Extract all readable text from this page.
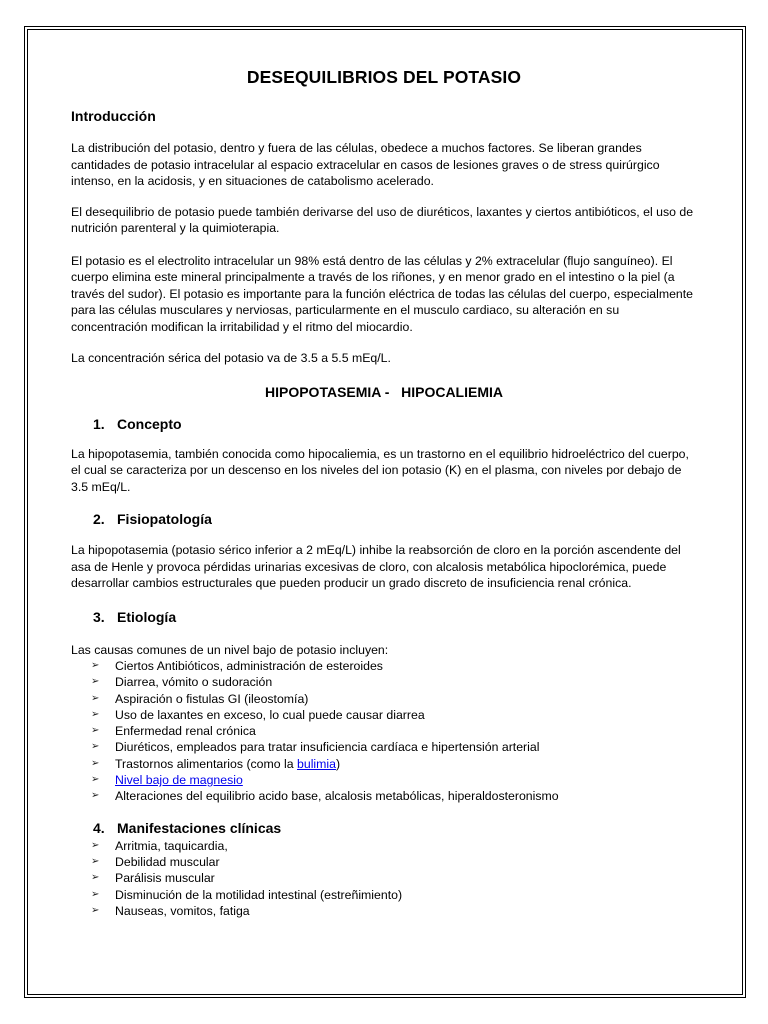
DESEQUILIBRIOS DEL POTASIO
Introducción

La distribución del potasio, dentro y fuera de las células, obedece a muchos factores. Se liberan grandes cantidades de potasio intracelular al espacio extracelular en casos de lesiones graves o de stress quirúrgico intenso, en la acidosis, y en situaciones de catabolismo acelerado.

El desequilibrio de potasio puede también derivarse del uso de diuréticos, laxantes y ciertos antibióticos, el uso de nutrición parenteral y la quimioterapia.

El potasio es el electrolito intracelular un 98% está dentro de las células y 2% extracelular (flujo sanguíneo). El cuerpo elimina este mineral principalmente a través de los riñones, y en menor grado en el intestino o la piel (a través del sudor). El potasio es importante para la función eléctrica de todas las células del cuerpo, especialmente para las células musculares y nerviosas, particularmente en el musculo cardiaco, su alteración en su concentración modifican la irritabilidad y el ritmo del miocardio.

La concentración sérica del potasio va de 3.5 a 5.5 mEq/L.

HIPOPOTASEMIA -   HIPOCALIEMIA
1. Concepto

La hipopotasemia, también conocida como hipocaliemia, es un trastorno en el equilibrio hidroeléctrico del cuerpo, el cual se caracteriza por un descenso en los niveles del ion potasio (K) en el plasma, con niveles por debajo de 3.5 mEq/L.

2. Fisiopatología

La hipopotasemia (potasio sérico inferior a 2 mEq/L) inhibe la reabsorción de cloro en la porción ascendente del asa de Henle y provoca pérdidas urinarias excesivas de cloro, con alcalosis metabólica hipoclorémica, puede desarrollar cambios estructurales que pueden producir un grado discreto de insuficiencia renal crónica.

3. Etiología

Las causas comunes de un nivel bajo de potasio incluyen:

➢	Ciertos Antibióticos, administración de esteroides
➢	Diarrea, vómito o sudoración
➢	Aspiración o fistulas GI (ileostomía)
➢	Uso de laxantes en exceso, lo cual puede causar diarrea
➢	Enfermedad renal crónica
➢	Diuréticos, empleados para tratar insuficiencia cardíaca e hipertensión arterial
➢	Trastornos alimentarios (como la bulimia)
➢	Nivel bajo de magnesio
➢	Alteraciones del equilibrio acido base, alcalosis metabólicas, hiperaldosteronismo
4. Manifestaciones clínicas
➢	Arritmia, taquicardia,
➢	Debilidad muscular
➢	Parálisis muscular
➢	Disminución de la motilidad intestinal (estreñimiento)
➢	Nauseas, vomitos, fatiga
